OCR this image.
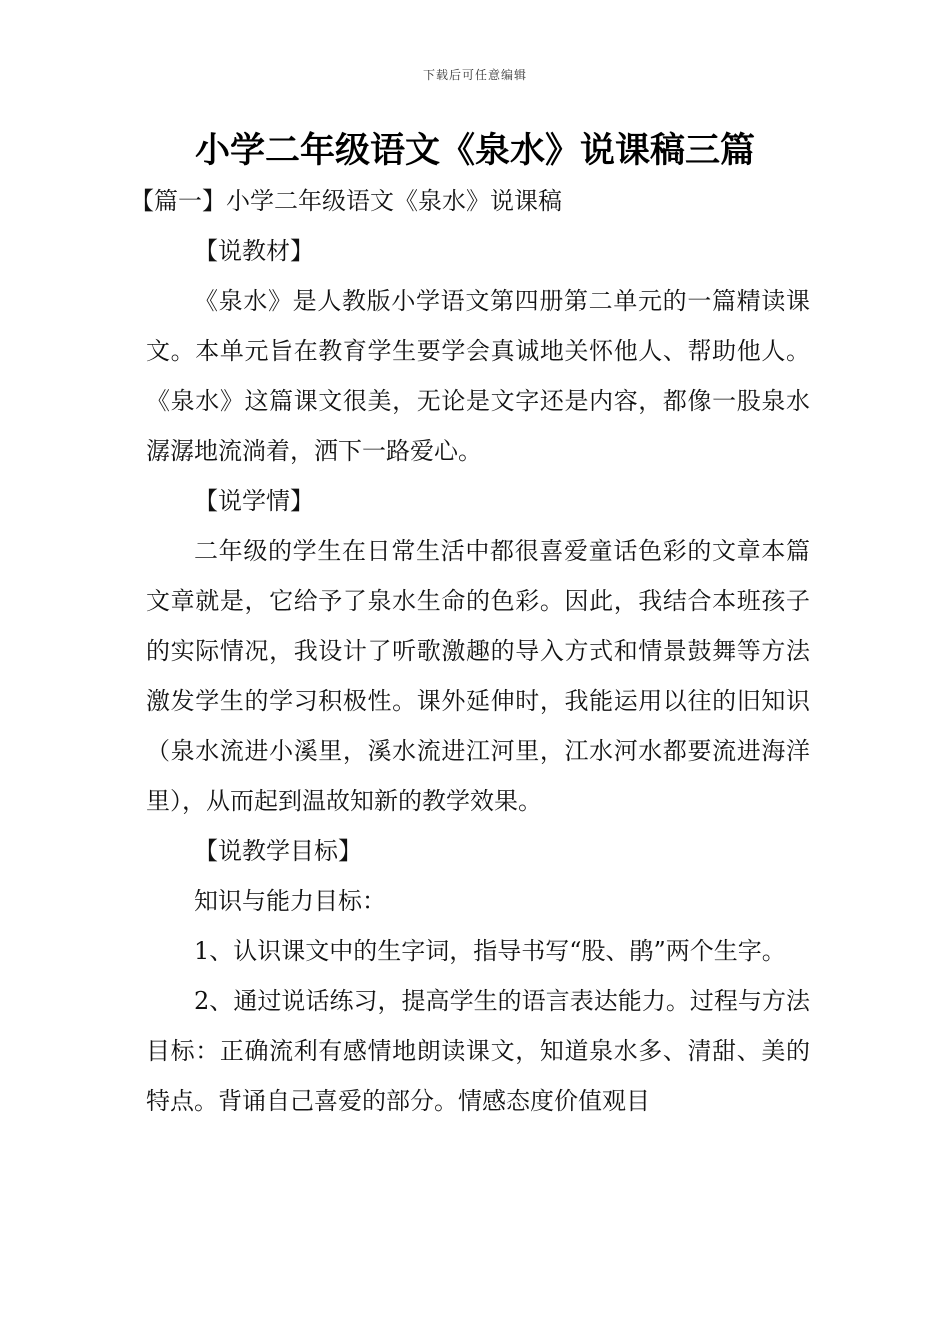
下载后可任意编辑
小学二年级语文《泉水》说课稿三篇

【篇一】小学二年级语文《泉水》说课稿

【说教材】

《泉水》是人教版小学语文第四册第二单元的一篇精读课文。本单元旨在教育学生要学会真诚地关怀他人、帮助他人。《泉水》这篇课文很美，无论是文字还是内容，都像一股泉水潺潺地流淌着，洒下一路爱心。

【说学情】

二年级的学生在日常生活中都很喜爱童话色彩的文章本篇文章就是，它给予了泉水生命的色彩。因此，我结合本班孩子的实际情况，我设计了听歌激趣的导入方式和情景鼓舞等方法激发学生的学习积极性。课外延伸时，我能运用以往的旧知识（泉水流进小溪里，溪水流进江河里，江水河水都要流进海洋里），从而起到温故知新的教学效果。

【说教学目标】

知识与能力目标：

1、认识课文中的生字词，指导书写“股、鹃”两个生字。

2、通过说话练习，提高学生的语言表达能力。过程与方法目标：正确流利有感情地朗读课文，知道泉水多、清甜、美的特点。背诵自己喜爱的部分。情感态度价值观目
